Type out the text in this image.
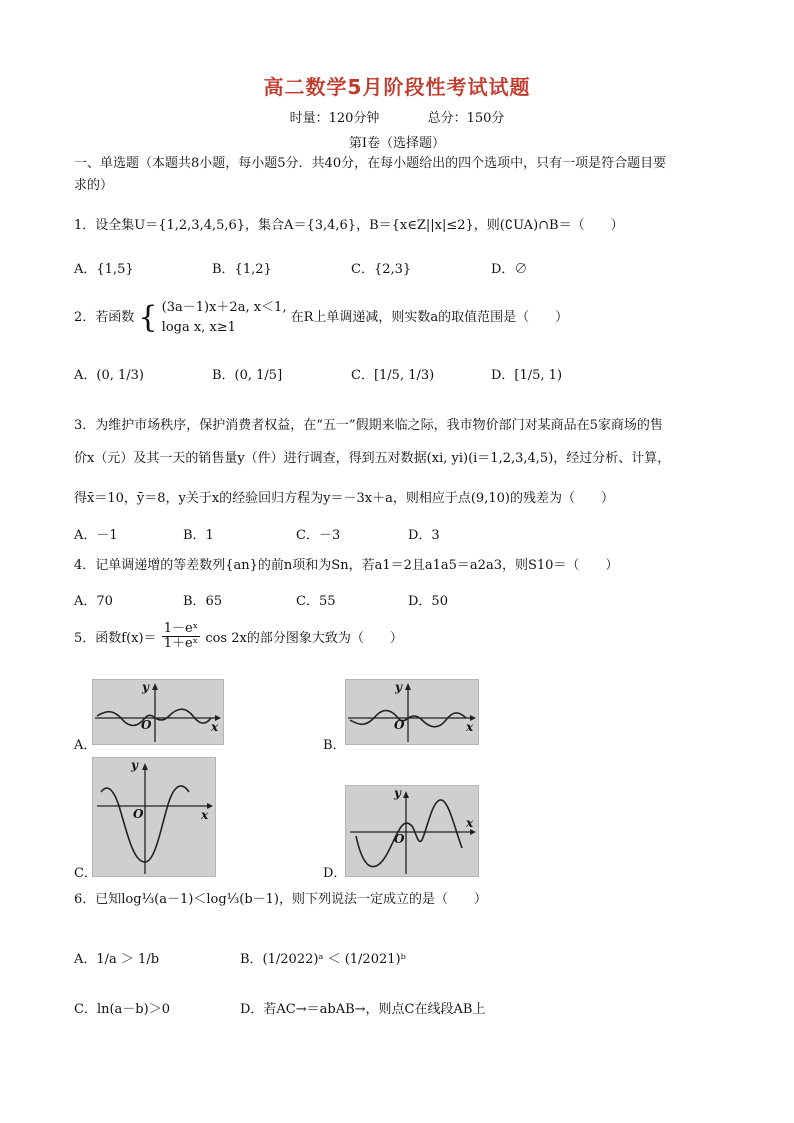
高二数学5月阶段性考试试题
时量：120分钟	总分：150分
第Ⅰ卷（选择题）
一、单选题（本题共8小题，每小题5分．共40分，在每小题给出的四个选项中，只有一项是符合题目要
求的）
1．设全集U＝{1,2,3,4,5,6}，集合A＝{3,4,6}，B＝{x∈Z||x|≤2}，则(∁UA)∩B＝（　　）
A．{1,5}	B．{1,2}	C．{2,3}	D．∅
2．若函数 { (3a－1)x＋2a, x＜1,
loga x, x≥1
在R上单调递减，则实数a的取值范围是（　　）
A．(0, 1/3)	B．(0, 1/5]	C．[1/5, 1/3)	D．[1/5, 1)
3．为维护市场秩序，保护消费者权益，在“五一”假期来临之际，我市物价部门对某商品在5家商场的售
价x（元）及其一天的销售量y（件）进行调查，得到五对数据(xi, yi)(i＝1,2,3,4,5)，经过分析、计算，
得x̄＝10，ȳ＝8，y关于x的经验回归方程为y＝－3x＋a，则相应于点(9,10)的残差为（　　）
A．－1	B．1	C．－3	D．3
4．记单调递增的等差数列{an}的前n项和为Sn，若a1＝2且a1a5＝a2a3，则S10＝（　　）
A．70	B．65	C．55	D．50
5．函数$f(x)= \frac{\text{1－eˣ}}{\text{1＋eˣ}}$ cos 2x的部分图象大致为（　　）
y
x
O
A．
y
x
O
B．
y
x
O
C．
y
x
O
D．
6．已知log⅓(a－1)＜log⅓(b－1)，则下列说法一定成立的是（　　）
A．1/a ＞ 1/b	B．(1/2022)ᵃ ＜ (1/2021)ᵇ
C．ln(a－b)＞0	D．若AC→＝abAB→，则点C在线段AB上
